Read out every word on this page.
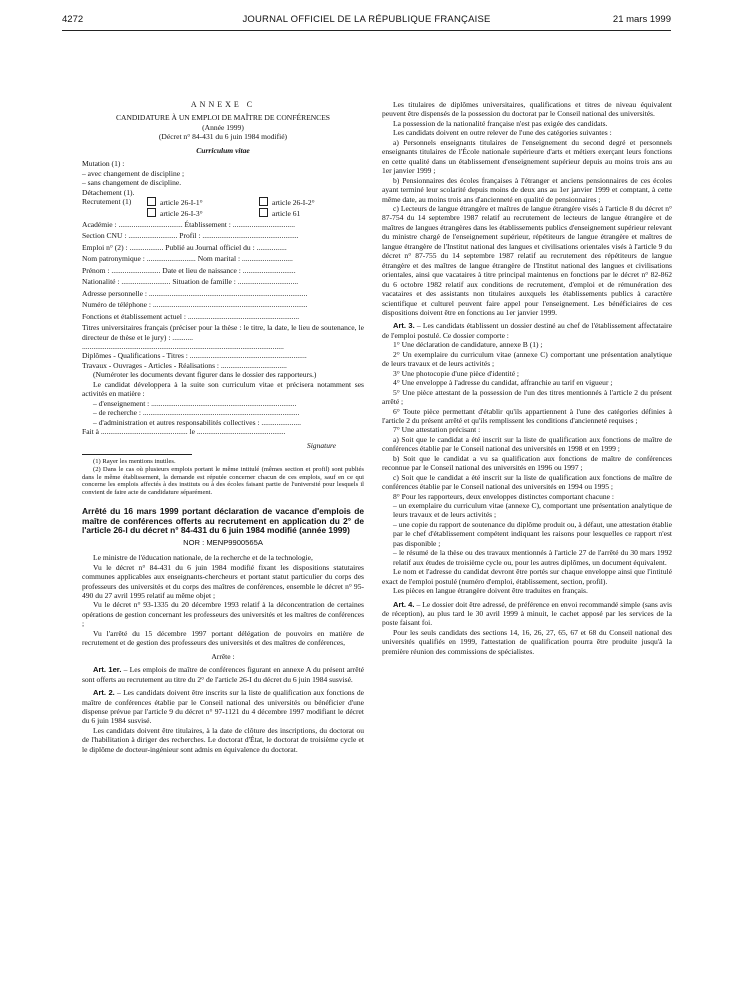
4272	JOURNAL OFFICIEL DE LA RÉPUBLIQUE FRANÇAISE	21 mars 1999

ANNEXE C

CANDIDATURE À UN EMPLOI DE MAÎTRE DE CONFÉRENCES

(Année 1999)

(Décret n° 84-431 du 6 juin 1984 modifié)

Curriculum vitae

Mutation (1) :

– avec changement de discipline ;

– sans changement de discipline.

Détachement (1).

Recrutement (1)	article 26-I-1°	article 26-I-2°
article 26-I-3°	article 61

Académie : .................................. Établissement : .................................

Section CNU : .......................... Profil : ...................................................

Emploi n° (2) : .................. Publié au Journal officiel du : ................

Nom patronymique : .......................... Nom marital : ...........................

Prénom : .......................... Date et lieu de naissance : ............................

Nationalité : .......................... Situation de famille : ................................

Adresse personnelle : ....................................................................................

Numéro de téléphone : ..................................................................................

Fonctions et établissement actuel : ...........................................................

Titres universitaires français (préciser pour la thèse : le titre, la date, le lieu de soutenance, le directeur de thèse et le jury) : ...........

...........................................................................................................

Diplômes - Qualifications - Titres : ..............................................................

Travaux - Ouvrages - Articles - Réalisations : ...................................

(Numéroter les documents devant figurer dans le dossier des rapporteurs.)

Le candidat développera à la suite son curriculum vitae et précisera notamment ses activités en matière :

– d'enseignement : .............................................................................

– de recherche : ...................................................................................

– d'administration et autres responsabilités collectives : .....................

Fait à .............................................. le ...............................................

Signature

(1) Rayer les mentions inutiles.

(2) Dans le cas où plusieurs emplois portant le même intitulé (mêmes section et profil) sont publiés dans le même établissement, la demande est réputée concerner chacun de ces emplois, sauf en ce qui concerne les emplois affectés à des instituts ou à des écoles faisant partie de l'université pour lesquels il convient de faire acte de candidature séparément.

Arrêté du 16 mars 1999 portant déclaration de vacance d'emplois de maître de conférences offerts au recrutement en application du 2° de l'article 26-I du décret n° 84-431 du 6 juin 1984 modifié (année 1999)

NOR : MENP9900565A

Le ministre de l'éducation nationale, de la recherche et de la technologie,

Vu le décret n° 84-431 du 6 juin 1984 modifié fixant les dispositions statutaires communes applicables aux enseignants-chercheurs et portant statut particulier du corps des professeurs des universités et du corps des maîtres de conférences, ensemble le décret n° 95-490 du 27 avril 1995 relatif au même objet ;

Vu le décret n° 93-1335 du 20 décembre 1993 relatif à la déconcentration de certaines opérations de gestion concernant les professeurs des universités et les maîtres de conférences ;

Vu l'arrêté du 15 décembre 1997 portant délégation de pouvoirs en matière de recrutement et de gestion des professeurs des universités et des maîtres de conférences,

Arrête :

Art. 1er. – Les emplois de maître de conférences figurant en annexe A du présent arrêté sont offerts au recrutement au titre du 2° de l'article 26-I du décret du 6 juin 1984 susvisé.

Art. 2. – Les candidats doivent être inscrits sur la liste de qualification aux fonctions de maître de conférences établie par le Conseil national des universités ou bénéficier d'une dispense prévue par l'article 9 du décret n° 97-1121 du 4 décembre 1997 modifiant le décret du 6 juin 1984 susvisé.

Les candidats doivent être titulaires, à la date de clôture des inscriptions, du doctorat ou de l'habilitation à diriger des recherches. Le doctorat d'État, le doctorat de troisième cycle et le diplôme de docteur-ingénieur sont admis en équivalence du doctorat.

Les titulaires de diplômes universitaires, qualifications et titres de niveau équivalent peuvent être dispensés de la possession du doctorat par le Conseil national des universités.

La possession de la nationalité française n'est pas exigée des candidats.

Les candidats doivent en outre relever de l'une des catégories suivantes :

a) Personnels enseignants titulaires de l'enseignement du second degré et personnels enseignants titulaires de l'École nationale supérieure d'arts et métiers exerçant leurs fonctions en cette qualité dans un établissement d'enseignement supérieur depuis au moins trois ans au 1er janvier 1999 ;

b) Pensionnaires des écoles françaises à l'étranger et anciens pensionnaires de ces écoles ayant terminé leur scolarité depuis moins de deux ans au 1er janvier 1999 et comptant, à cette même date, au moins trois ans d'ancienneté en qualité de pensionnaires ;

c) Lecteurs de langue étrangère et maîtres de langue étrangère visés à l'article 8 du décret n° 87-754 du 14 septembre 1987 relatif au recrutement de lecteurs de langue étrangère et de maîtres de langues étrangères dans les établissements publics d'enseignement supérieur relevant du ministre chargé de l'enseignement supérieur, répétiteurs de langue étrangère et maîtres de langue étrangère de l'Institut national des langues et civilisations orientales visés à l'article 9 du décret n° 87-755 du 14 septembre 1987 relatif au recrutement des répétiteurs de langue étrangère et des maîtres de langue étrangère de l'Institut national des langues et civilisations orientales, ainsi que vacataires à titre principal maintenus en fonctions par le décret n° 82-862 du 6 octobre 1982 relatif aux conditions de recrutement, d'emploi et de rémunération des vacataires et des assistants non titulaires auxquels les établissements publics à caractère scientifique et culturel peuvent faire appel pour l'enseignement. Les bénéficiaires de ces dispositions doivent être en fonctions au 1er janvier 1999.

Art. 3. – Les candidats établissent un dossier destiné au chef de l'établissement affectataire de l'emploi postulé. Ce dossier comporte :

1° Une déclaration de candidature, annexe B (1) ;

2° Un exemplaire du curriculum vitae (annexe C) comportant une présentation analytique de leurs travaux et de leurs activités ;

3° Une photocopie d'une pièce d'identité ;

4° Une enveloppe à l'adresse du candidat, affranchie au tarif en vigueur ;

5° Une pièce attestant de la possession de l'un des titres mentionnés à l'article 2 du présent arrêté ;

6° Toute pièce permettant d'établir qu'ils appartiennent à l'une des catégories définies à l'article 2 du présent arrêté et qu'ils remplissent les conditions d'ancienneté requises ;

7° Une attestation précisant :

a) Soit que le candidat a été inscrit sur la liste de qualification aux fonctions de maître de conférences établie par le Conseil national des universités en 1998 et en 1999 ;

b) Soit que le candidat a vu sa qualification aux fonctions de maître de conférences reconnue par le Conseil national des universités en 1996 ou 1997 ;

c) Soit que le candidat a été inscrit sur la liste de qualification aux fonctions de maître de conférences établie par le Conseil national des universités en 1994 ou 1995 ;

8° Pour les rapporteurs, deux enveloppes distinctes comportant chacune :

– un exemplaire du curriculum vitae (annexe C), comportant une présentation analytique de leurs travaux et de leurs activités ;

– une copie du rapport de soutenance du diplôme produit ou, à défaut, une attestation établie par le chef d'établissement compétent indiquant les raisons pour lesquelles ce rapport n'est pas disponible ;

– le résumé de la thèse ou des travaux mentionnés à l'article 27 de l'arrêté du 30 mars 1992 relatif aux études de troisième cycle ou, pour les autres diplômes, un document équivalent.

Le nom et l'adresse du candidat devront être portés sur chaque enveloppe ainsi que l'intitulé exact de l'emploi postulé (numéro d'emploi, établissement, section, profil).

Les pièces en langue étrangère doivent être traduites en français.

Art. 4. – Le dossier doit être adressé, de préférence en envoi recommandé simple (sans avis de réception), au plus tard le 30 avril 1999 à minuit, le cachet apposé par les services de la poste faisant foi.

Pour les seuls candidats des sections 14, 16, 26, 27, 65, 67 et 68 du Conseil national des universités qualifiés en 1999, l'attestation de qualification pourra être produite jusqu'à la première réunion des commissions de spécialistes.
